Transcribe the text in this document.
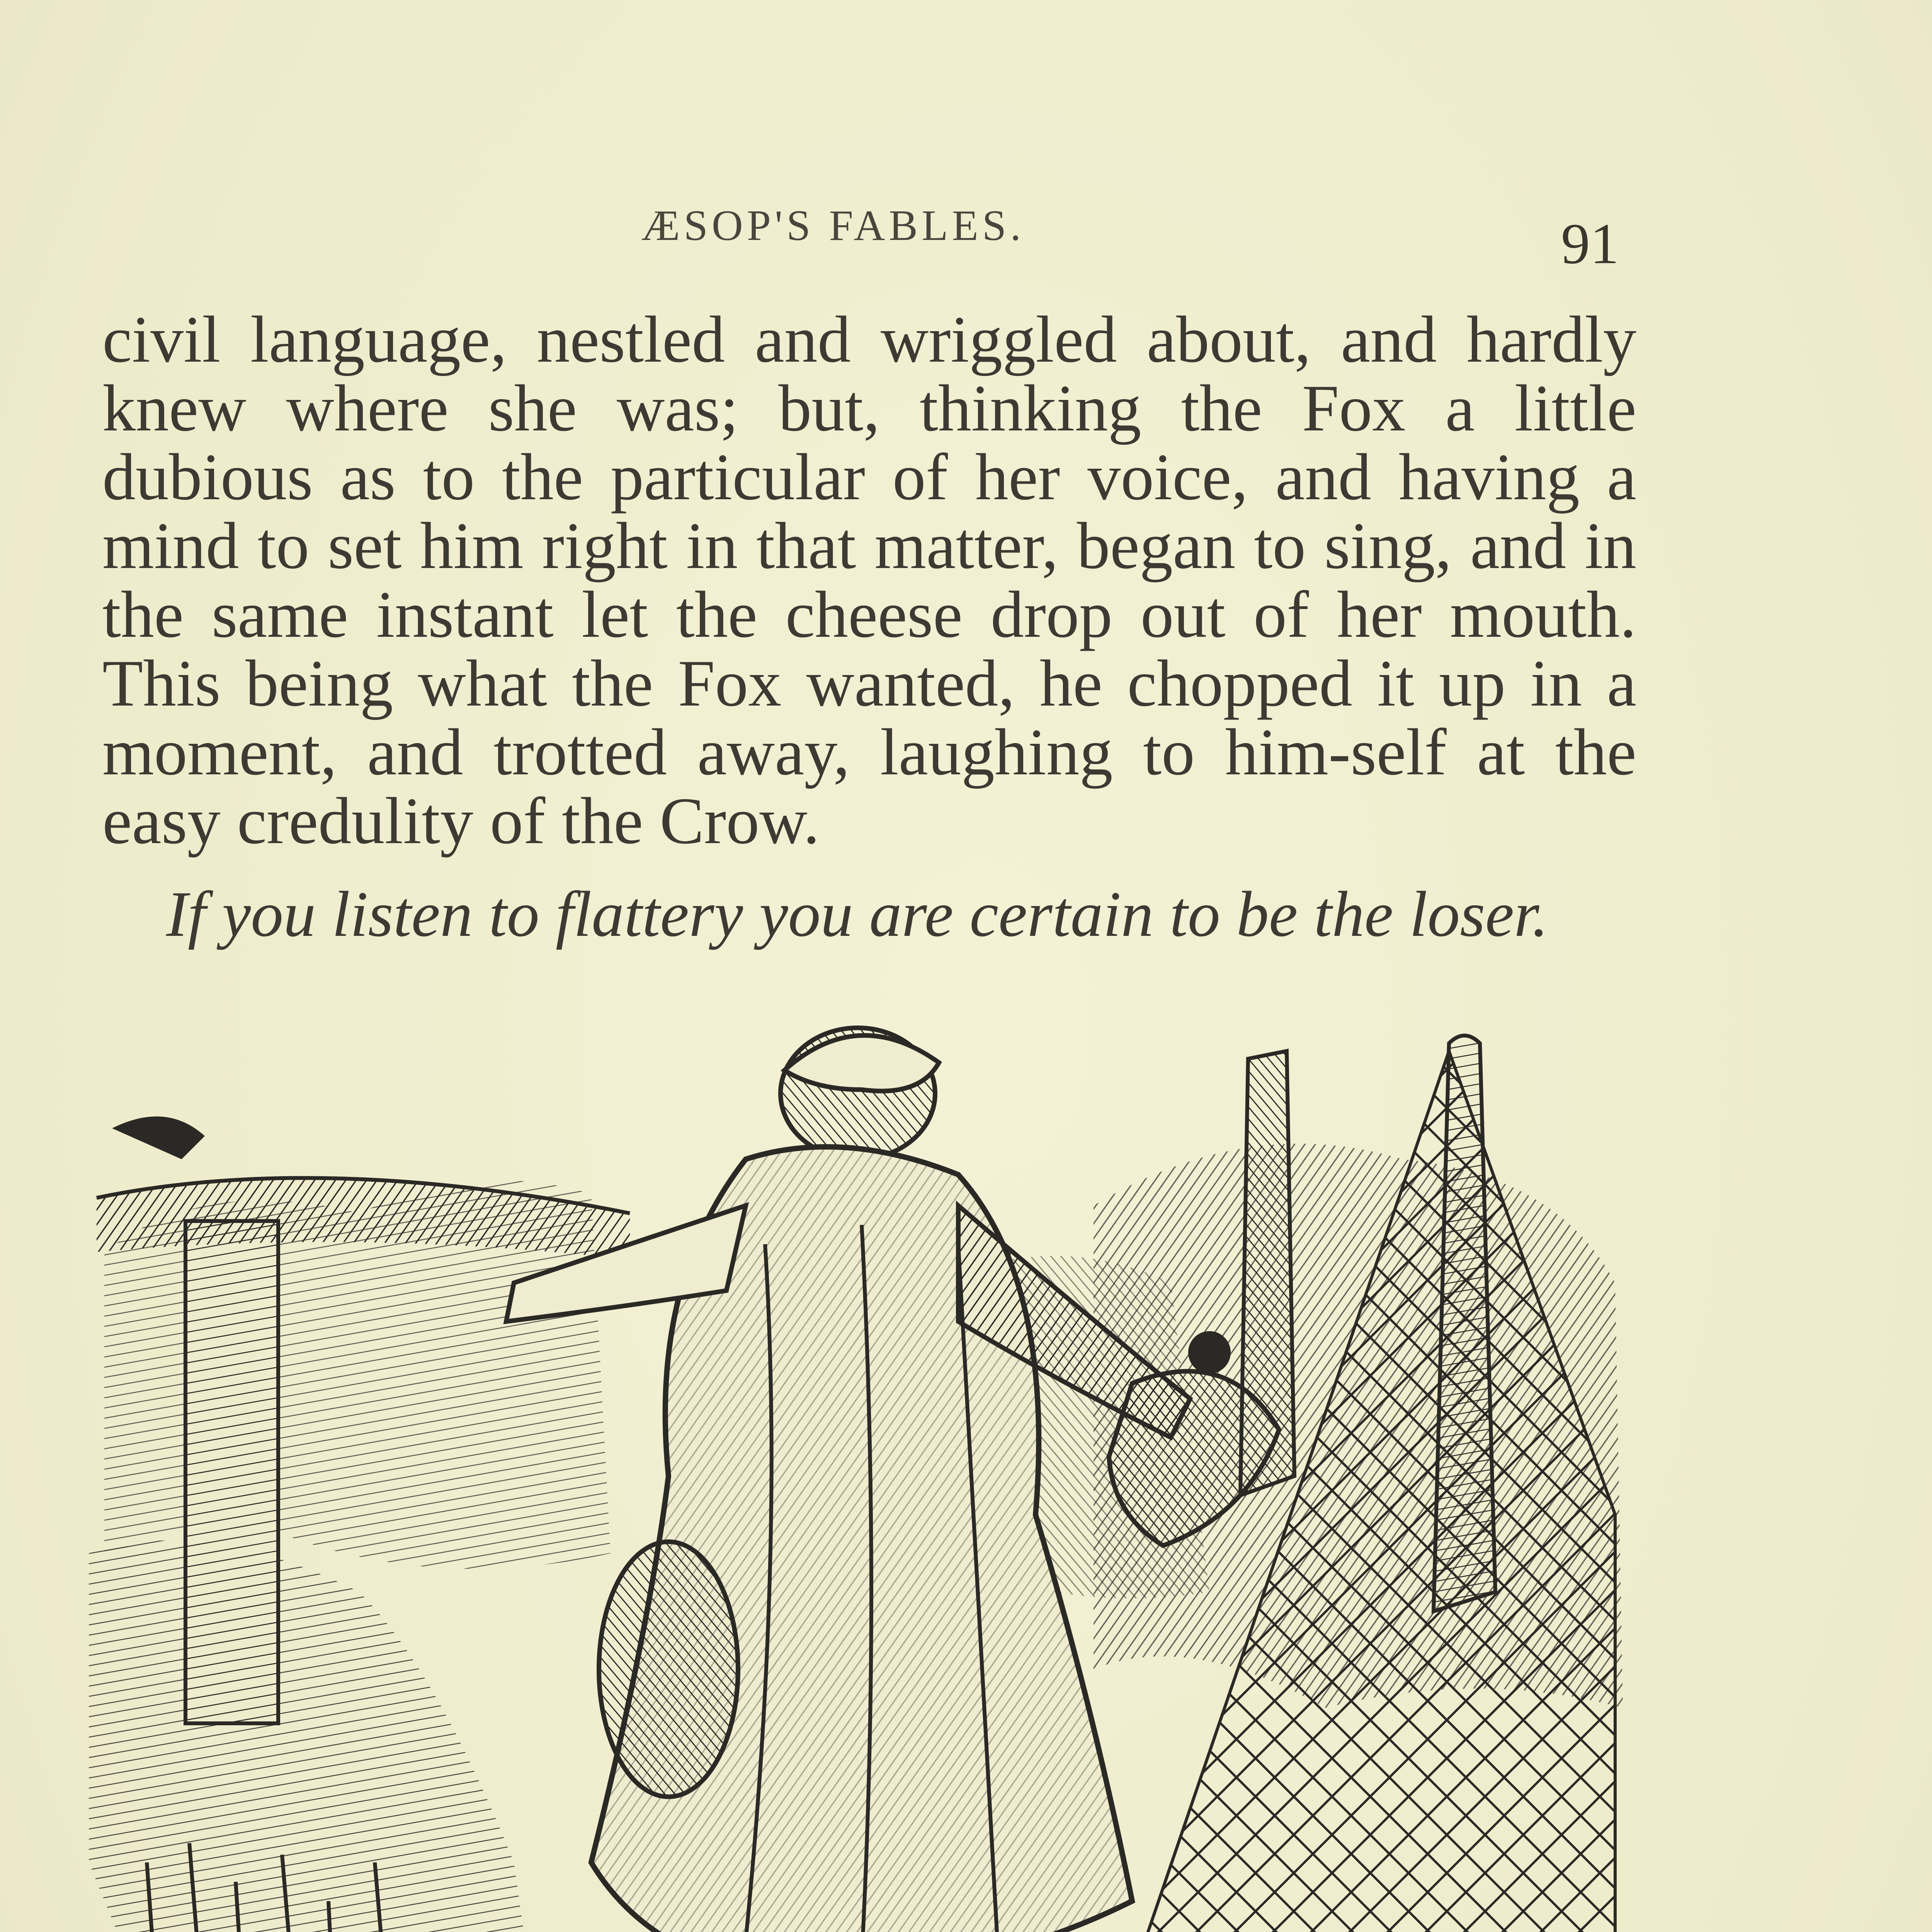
ÆSOP'S FABLES.	91

civil language, nestled and wriggled about, and hardly knew where she was; but, thinking the Fox a little dubious as to the particular of her voice, and having a mind to set him right in that matter, began to sing, and in the same instant let the cheese drop out of her mouth. This being what the Fox wanted, he chopped it up in a moment, and trotted away, laughing to him-self at the easy credulity of the Crow.

If you listen to flattery you are certain to be the loser.
